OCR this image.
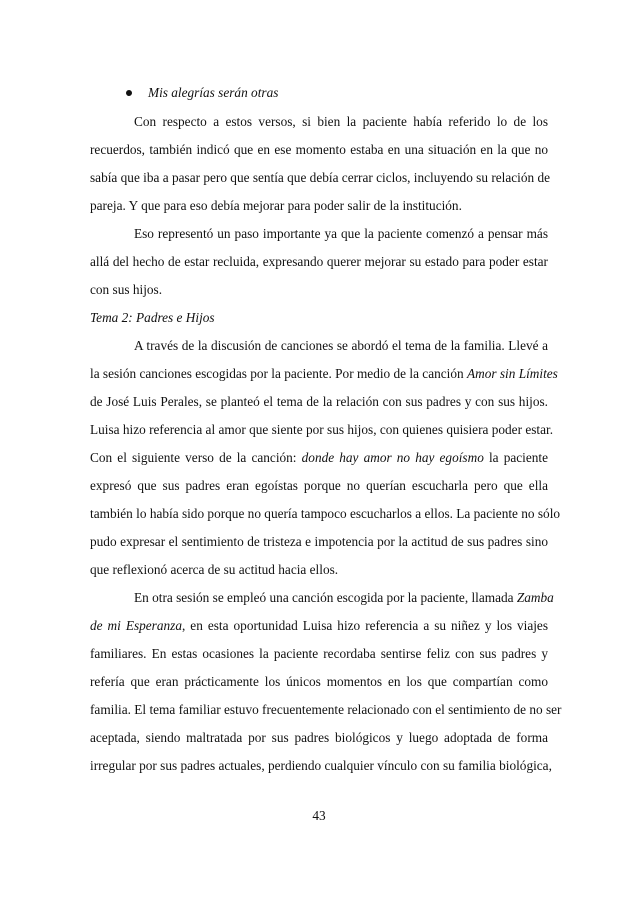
Mis alegrías serán otras
Con respecto a estos versos, si bien la paciente había referido lo de los
recuerdos, también indicó que en ese momento estaba en una situación en la que no
sabía que iba a pasar pero que sentía que debía cerrar ciclos, incluyendo su relación de
pareja. Y que para eso debía mejorar para poder salir de la institución.
Eso representó un paso importante ya que la paciente comenzó a pensar más
allá del hecho de estar recluida, expresando querer mejorar su estado para poder estar
con sus hijos.
Tema 2: Padres e Hijos
A través de la discusión de canciones se abordó el tema de la familia. Llevé a
la sesión canciones escogidas por la paciente. Por medio de la canción Amor sin Límites
de José Luis Perales, se planteó el tema de la relación con sus padres y con sus hijos.
Luisa hizo referencia al amor que siente por sus hijos, con quienes quisiera poder estar.
Con el siguiente verso de la canción: donde hay amor no hay egoísmo la paciente
expresó que sus padres eran egoístas porque no querían escucharla pero que ella
también lo había sido porque no quería tampoco escucharlos a ellos. La paciente no sólo
pudo expresar el sentimiento de tristeza e impotencia por la actitud de sus padres sino
que reflexionó acerca de su actitud hacia ellos.
En otra sesión se empleó una canción escogida por la paciente, llamada Zamba
de mi Esperanza, en esta oportunidad Luisa hizo referencia a su niñez y los viajes
familiares. En estas ocasiones la paciente recordaba sentirse feliz con sus padres y
refería que eran prácticamente los únicos momentos en los que compartían como
familia. El tema familiar estuvo frecuentemente relacionado con el sentimiento de no ser
aceptada, siendo maltratada por sus padres biológicos y luego adoptada de forma
irregular por sus padres actuales, perdiendo cualquier vínculo con su familia biológica,
43
